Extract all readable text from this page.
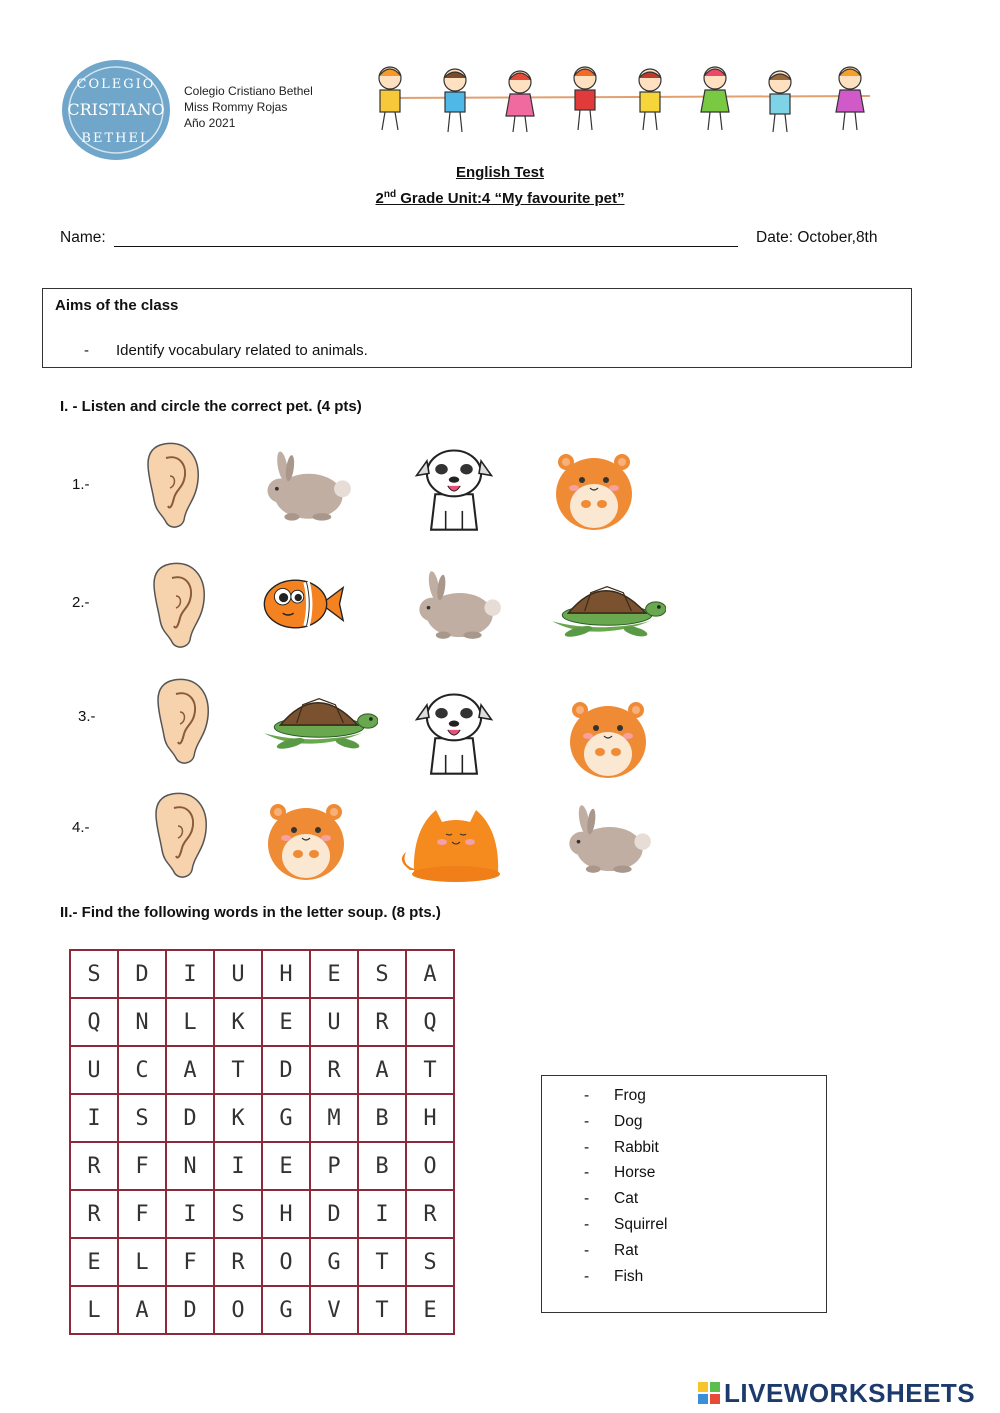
COLEGIO
CRISTIANO
BETHEL
Colegio Cristiano Bethel
Miss Rommy Rojas
Año 2021
English Test
2nd Grade Unit:4 “My favourite pet”
Name:	Date: October,8th
Aims of the class
- Identify vocabulary related to animals.
I. - Listen and circle the correct pet. (4 pts)
1.-
2.-
3.-
4.-
II.- Find the following words in the letter soup. (8 pts.)
S	D	I	U	H	E	S	A
Q	N	L	K	E	U	R	Q
U	C	A	T	D	R	A	T
I	S	D	K	G	M	B	H
R	F	N	I	E	P	B	O
R	F	I	S	H	D	I	R
E	L	F	R	O	G	T	S
L	A	D	O	G	V	T	E
- Frog
- Dog
- Rabbit
- Horse
- Cat
- Squirrel
- Rat
- Fish
LIVEWORKSHEETS
